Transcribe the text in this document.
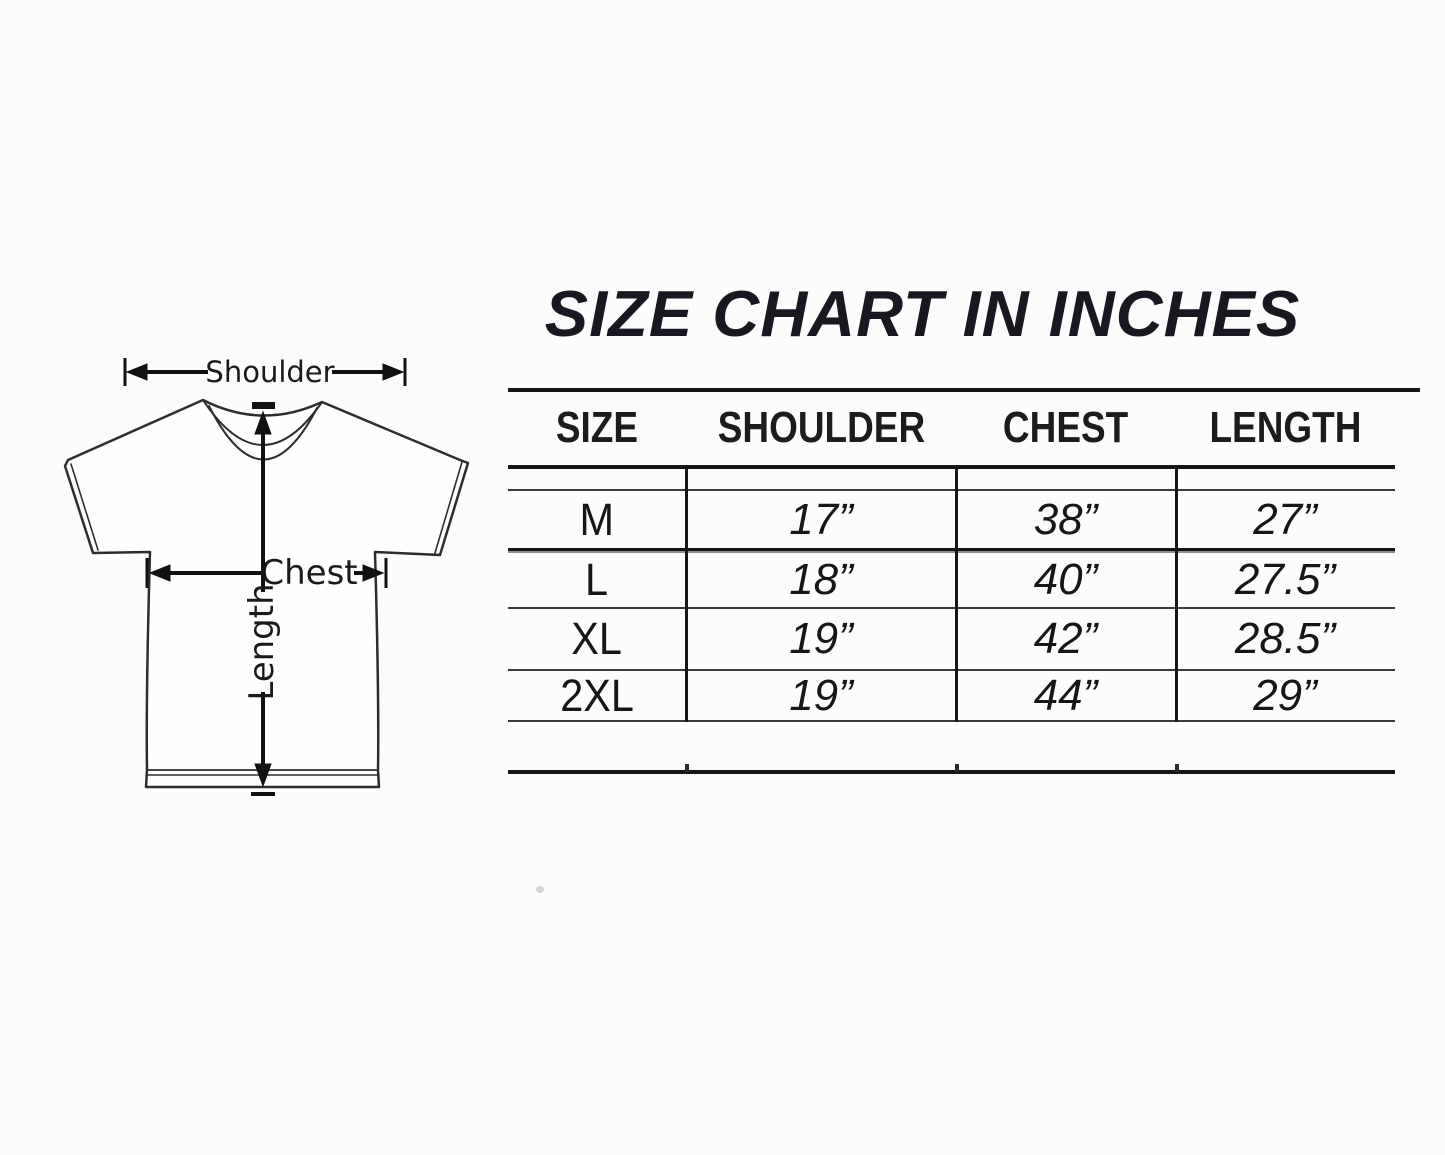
Shoulder
Chest
Length
SIZE CHART IN INCHES
SIZE SHOULDER CHEST LENGTH
M	17”	38”	27”
L	18”	40”	27.5”
XL	19”	42”	28.5”
2XL	19”	44”	29”
